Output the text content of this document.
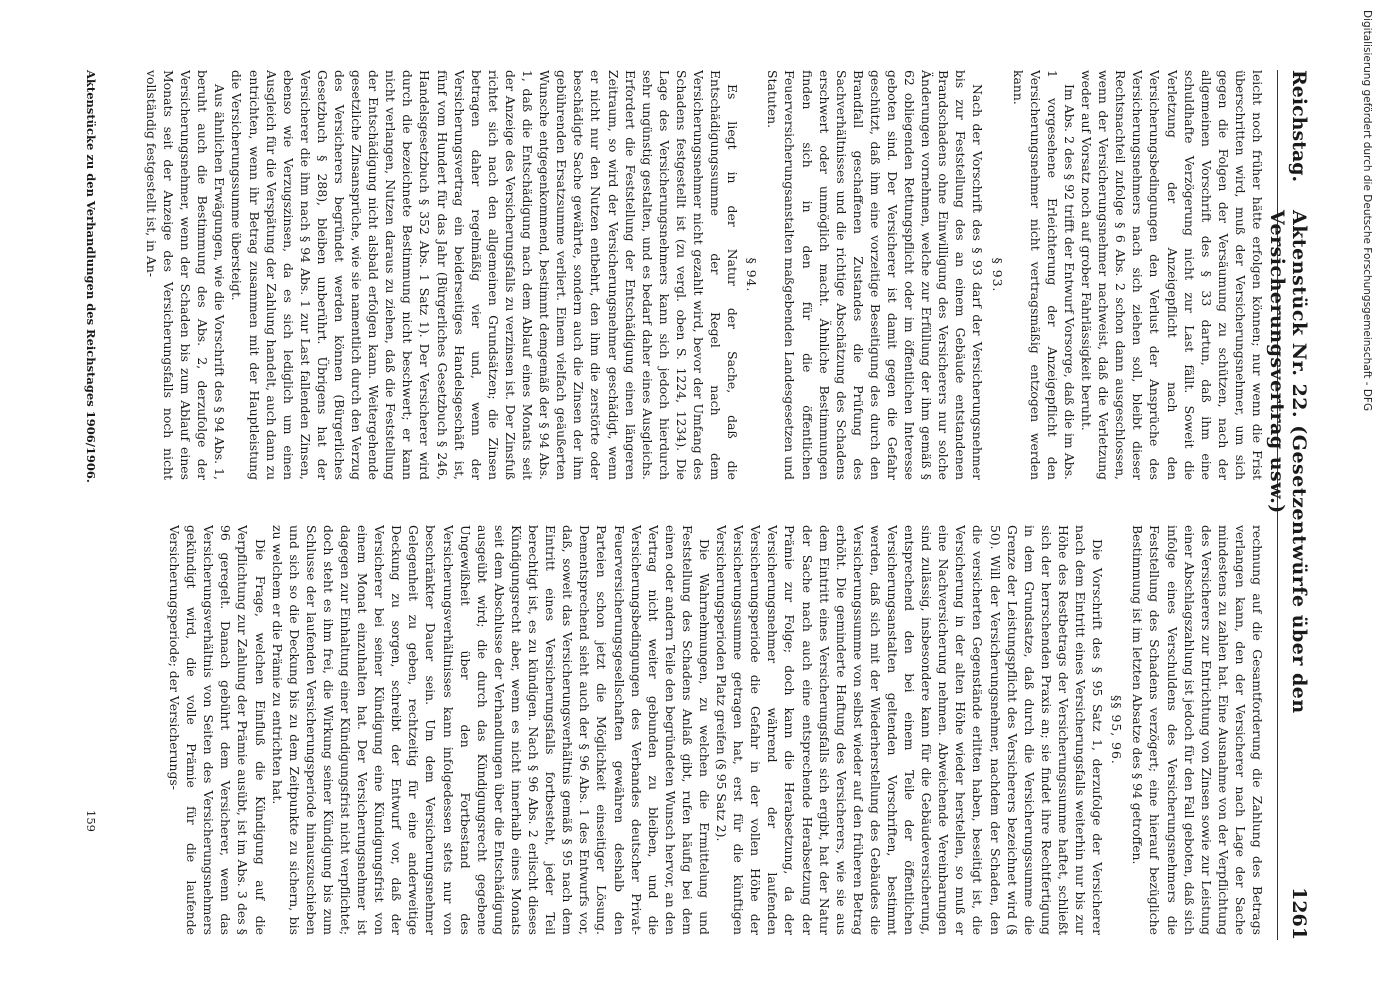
Reichstag.
Aktenstück Nr. 22. (Gesetzentwürfe über den Versicherungsvertrag usw.)
1261

leicht noch früher hätte erfolgen können; nur wenn die Frist überschritten wird, muß der Versicherungsnehmer, um sich gegen die Folgen der Versäumung zu schützen, nach der allgemeinen Vorschrift des § 33 dartun, daß ihm eine schuldhafte Verzögerung nicht zur Last fällt. Soweit die Verletzung der Anzeigepflicht nach den Versicherungsbedingungen den Verlust der Ansprüche des Versicherungsnehmers nach sich ziehen soll, bleibt dieser Rechtsnachteil zufolge § 6 Abs. 2 schon dann ausgeschlossen, wenn der Versicherungsnehmer nachweist, daß die Verletzung weder auf Vorsatz noch auf grober Fahrlässigkeit beruht.

Im Abs. 2 des § 92 trifft der Entwurf Vorsorge, daß die im Abs. 1 vorgesehene Erleichterung der Anzeigepflicht den Versicherungsnehmer nicht vertragsmäßig entzogen werden kann.

§ 93.

Nach der Vorschrift des § 93 darf der Versicherungsnehmer bis zur Feststellung des an einem Gebäude entstandenen Brandschadens ohne Einwilligung des Versicherers nur solche Änderungen vornehmen, welche zur Erfüllung der ihm gemäß § 62 obliegenden Rettungspflicht oder im öffentlichen Interesse geboten sind. Der Versicherer ist damit gegen die Gefahr geschützt, daß ihm eine vorzeitige Beseitigung des durch den Brandfall geschaffenen Zustandes die Prüfung des Sachverhältnisses und die richtige Abschätzung des Schadens erschwert oder unmöglich macht. Ähnliche Bestimmungen finden sich in den für die öffentlichen Feuerversicherungsanstalten maßgebenden Landesgesetzen und Statuten.

§ 94.

Es liegt in der Natur der Sache, daß die Entschädigungssumme der Regel nach dem Versicherungsnehmer nicht gezahlt wird, bevor der Umfang des Schadens festgestellt ist (zu vergl. oben S. 1224, 1234). Die Lage des Versicherungsnehmers kann sich jedoch hierdurch sehr ungünstig gestalten, und es bedarf daher eines Ausgleichs. Erfordert die Feststellung der Entschädigung einen längeren Zeitraum, so wird der Versicherungsnehmer geschädigt, wenn er nicht nur den Nutzen entbehrt, den ihm die zerstörte oder beschädigte Sache gewährte, sondern auch die Zinsen der ihm gebührenden Ersatzsumme verliert. Einem vielfach geäußerten Wunsche entgegenkommend, bestimmt demgemäß der § 94 Abs. 1, daß die Entschädigung nach dem Ablauf eines Monats seit der Anzeige des Versicherungsfalls zu verzinsen ist. Der Zinsfuß richtet sich nach den allgemeinen Grundsätzen; die Zinsen betragen daher regelmäßig vier und, wenn der Versicherungsvertrag ein beiderseitiges Handelsgeschäft ist, fünf vom Hundert für das Jahr (Bürgerliches Gesetzbuch § 246, Handelsgesetzbuch § 352 Abs. 1 Satz 1). Der Versicherer wird durch die bezeichnete Bestimmung nicht beschwert; er kann nicht verlangen, Nutzen daraus zu ziehen, daß die Feststellung der Entschädigung nicht alsbald erfolgen kann. Weitergehende gesetzliche Zinsansprüche, wie sie namentlich durch den Verzug des Versicherers begründet werden können (Bürgerliches Gesetzbuch § 288), bleiben unberührt. Übrigens hat der Versicherer die ihm nach § 94 Abs. 1 zur Last fallenden Zinsen, ebenso wie Verzugszinsen, da es sich lediglich um einen Ausgleich für die Verspätung der Zahlung handelt, auch dann zu entrichten, wenn ihr Betrag zusammen mit der Hauptleistung die Versicherungssumme übersteigt.

Aus ähnlichen Erwägungen, wie die Vorschrift des § 94 Abs. 1, beruht auch die Bestimmung des Abs. 2, derzufolge der Versicherungsnehmer, wenn der Schaden bis zum Ablauf eines Monats seit der Anzeige des Versicherungsfalls noch nicht vollständig festgestellt ist, in An-

rechnung auf die Gesamtforderung die Zahlung des Betrags verlangen kann, den der Versicherer nach Lage der Sache mindestens zu zahlen hat. Eine Ausnahme von der Verpflichtung des Versicherers zur Entrichtung von Zinsen sowie zur Leistung einer Abschlagszahlung ist jedoch für den Fall geboten, daß sich infolge eines Verschuldens des Versicherungsnehmers die Feststellung des Schadens verzögert; eine hierauf bezügliche Bestimmung ist im letzten Absatze des § 94 getroffen.

§§ 95, 96.

Die Vorschrift des § 95 Satz 1, derzufolge der Versicherer nach dem Eintritt eines Versicherungsfalls weiterhin nur bis zur Höhe des Restbetrags der Versicherungssumme haftet, schließt sich der herrschenden Praxis an; sie findet ihre Rechtfertigung in dem Grundsatze, daß durch die Versicherungssumme die Grenze der Leistungspflicht des Versicherers bezeichnet wird (§ 50). Will der Versicherungsnehmer, nachdem der Schaden, den die versicherten Gegenstände erlitten haben, beseitigt ist, die Versicherung in der alten Höhe wieder herstellen, so muß er eine Nachversicherung nehmen. Abweichende Vereinbarungen sind zulässig, insbesondere kann für die Gebäudeversicherung, entsprechend den bei einem Teile der öffentlichen Versicherungsanstalten geltenden Vorschriften, bestimmt werden, daß sich mit der Wiederherstellung des Gebäudes die Versicherungssumme von selbst wieder auf den früheren Betrag erhöht. Die geminderte Haftung des Versicherers, wie sie aus dem Eintritt eines Versicherungsfalls sich ergibt, hat der Natur der Sache nach auch eine entsprechende Herabsetzung der Prämie zur Folge; doch kann die Herabsetzung, da der Versicherungsnehmer während der laufenden Versicherungsperiode die Gefahr in der vollen Höhe der Versicherungssumme getragen hat, erst für die künftigen Versicherungsperioden Platz greifen (§ 95 Satz 2).

Die Wahrnehmungen, zu welchen die Ermittelung und Feststellung des Schadens Anlaß gibt, rufen häufig bei dem einen oder andern Teile den begründeten Wunsch hervor, an den Vertrag nicht weiter gebunden zu bleiben, und die Versicherungsbedingungen des Verbandes deutscher Privat-Feuerversicherungsgesellschaften gewähren deshalb den Parteien schon jetzt die Möglichkeit einseitiger Lösung. Dementsprechend sieht auch der § 96 Abs. 1 des Entwurfs vor, daß, soweit das Versicherungsverhältnis gemäß § 95 nach dem Eintritt eines Versicherungsfalls fortbesteht, jeder Teil berechtigt ist, es zu kündigen. Nach § 96 Abs. 2 erlischt dieses Kündigungsrecht aber, wenn es nicht innerhalb eines Monats seit dem Abschlusse der Verhandlungen über die Entschädigung ausgeübt wird; die durch das Kündigungsrecht gegebene Ungewißheit über den Fortbestand des Versicherungsverhältnisses kann infolgedessen stets nur von beschränkter Dauer sein. Um dem Versicherungsnehmer Gelegenheit zu geben, rechtzeitig für eine anderweitige Deckung zu sorgen, schreibt der Entwurf vor, daß der Versicherer bei seiner Kündigung eine Kündigungsfrist von einem Monat einzuhalten hat. Der Versicherungsnehmer ist dagegen zur Einhaltung einer Kündigungsfrist nicht verpflichtet; doch steht es ihm frei, die Wirkung seiner Kündigung bis zum Schlusse der laufenden Versicherungsperiode hinauszuschieben und sich so die Deckung bis zu dem Zeitpunkte zu sichern, bis zu welchem er die Prämie zu entrichten hat.

Die Frage, welchen Einfluß die Kündigung auf die Verpflichtung zur Zahlung der Prämie ausübt, ist im Abs. 3 des § 96 geregelt. Danach gebührt dem Versicherer, wenn das Versicherungsverhältnis von Seiten des Versicherungsnehmers gekündigt wird, die volle Prämie für die laufende Versicherungsperiode; der Versicherungs-

Aktenstücke zu den Verhandlungen des Reichstages 1906/1906.
159
Digitalisierung gefördert durch die Deutsche Forschungsgemeinschaft - DFG
